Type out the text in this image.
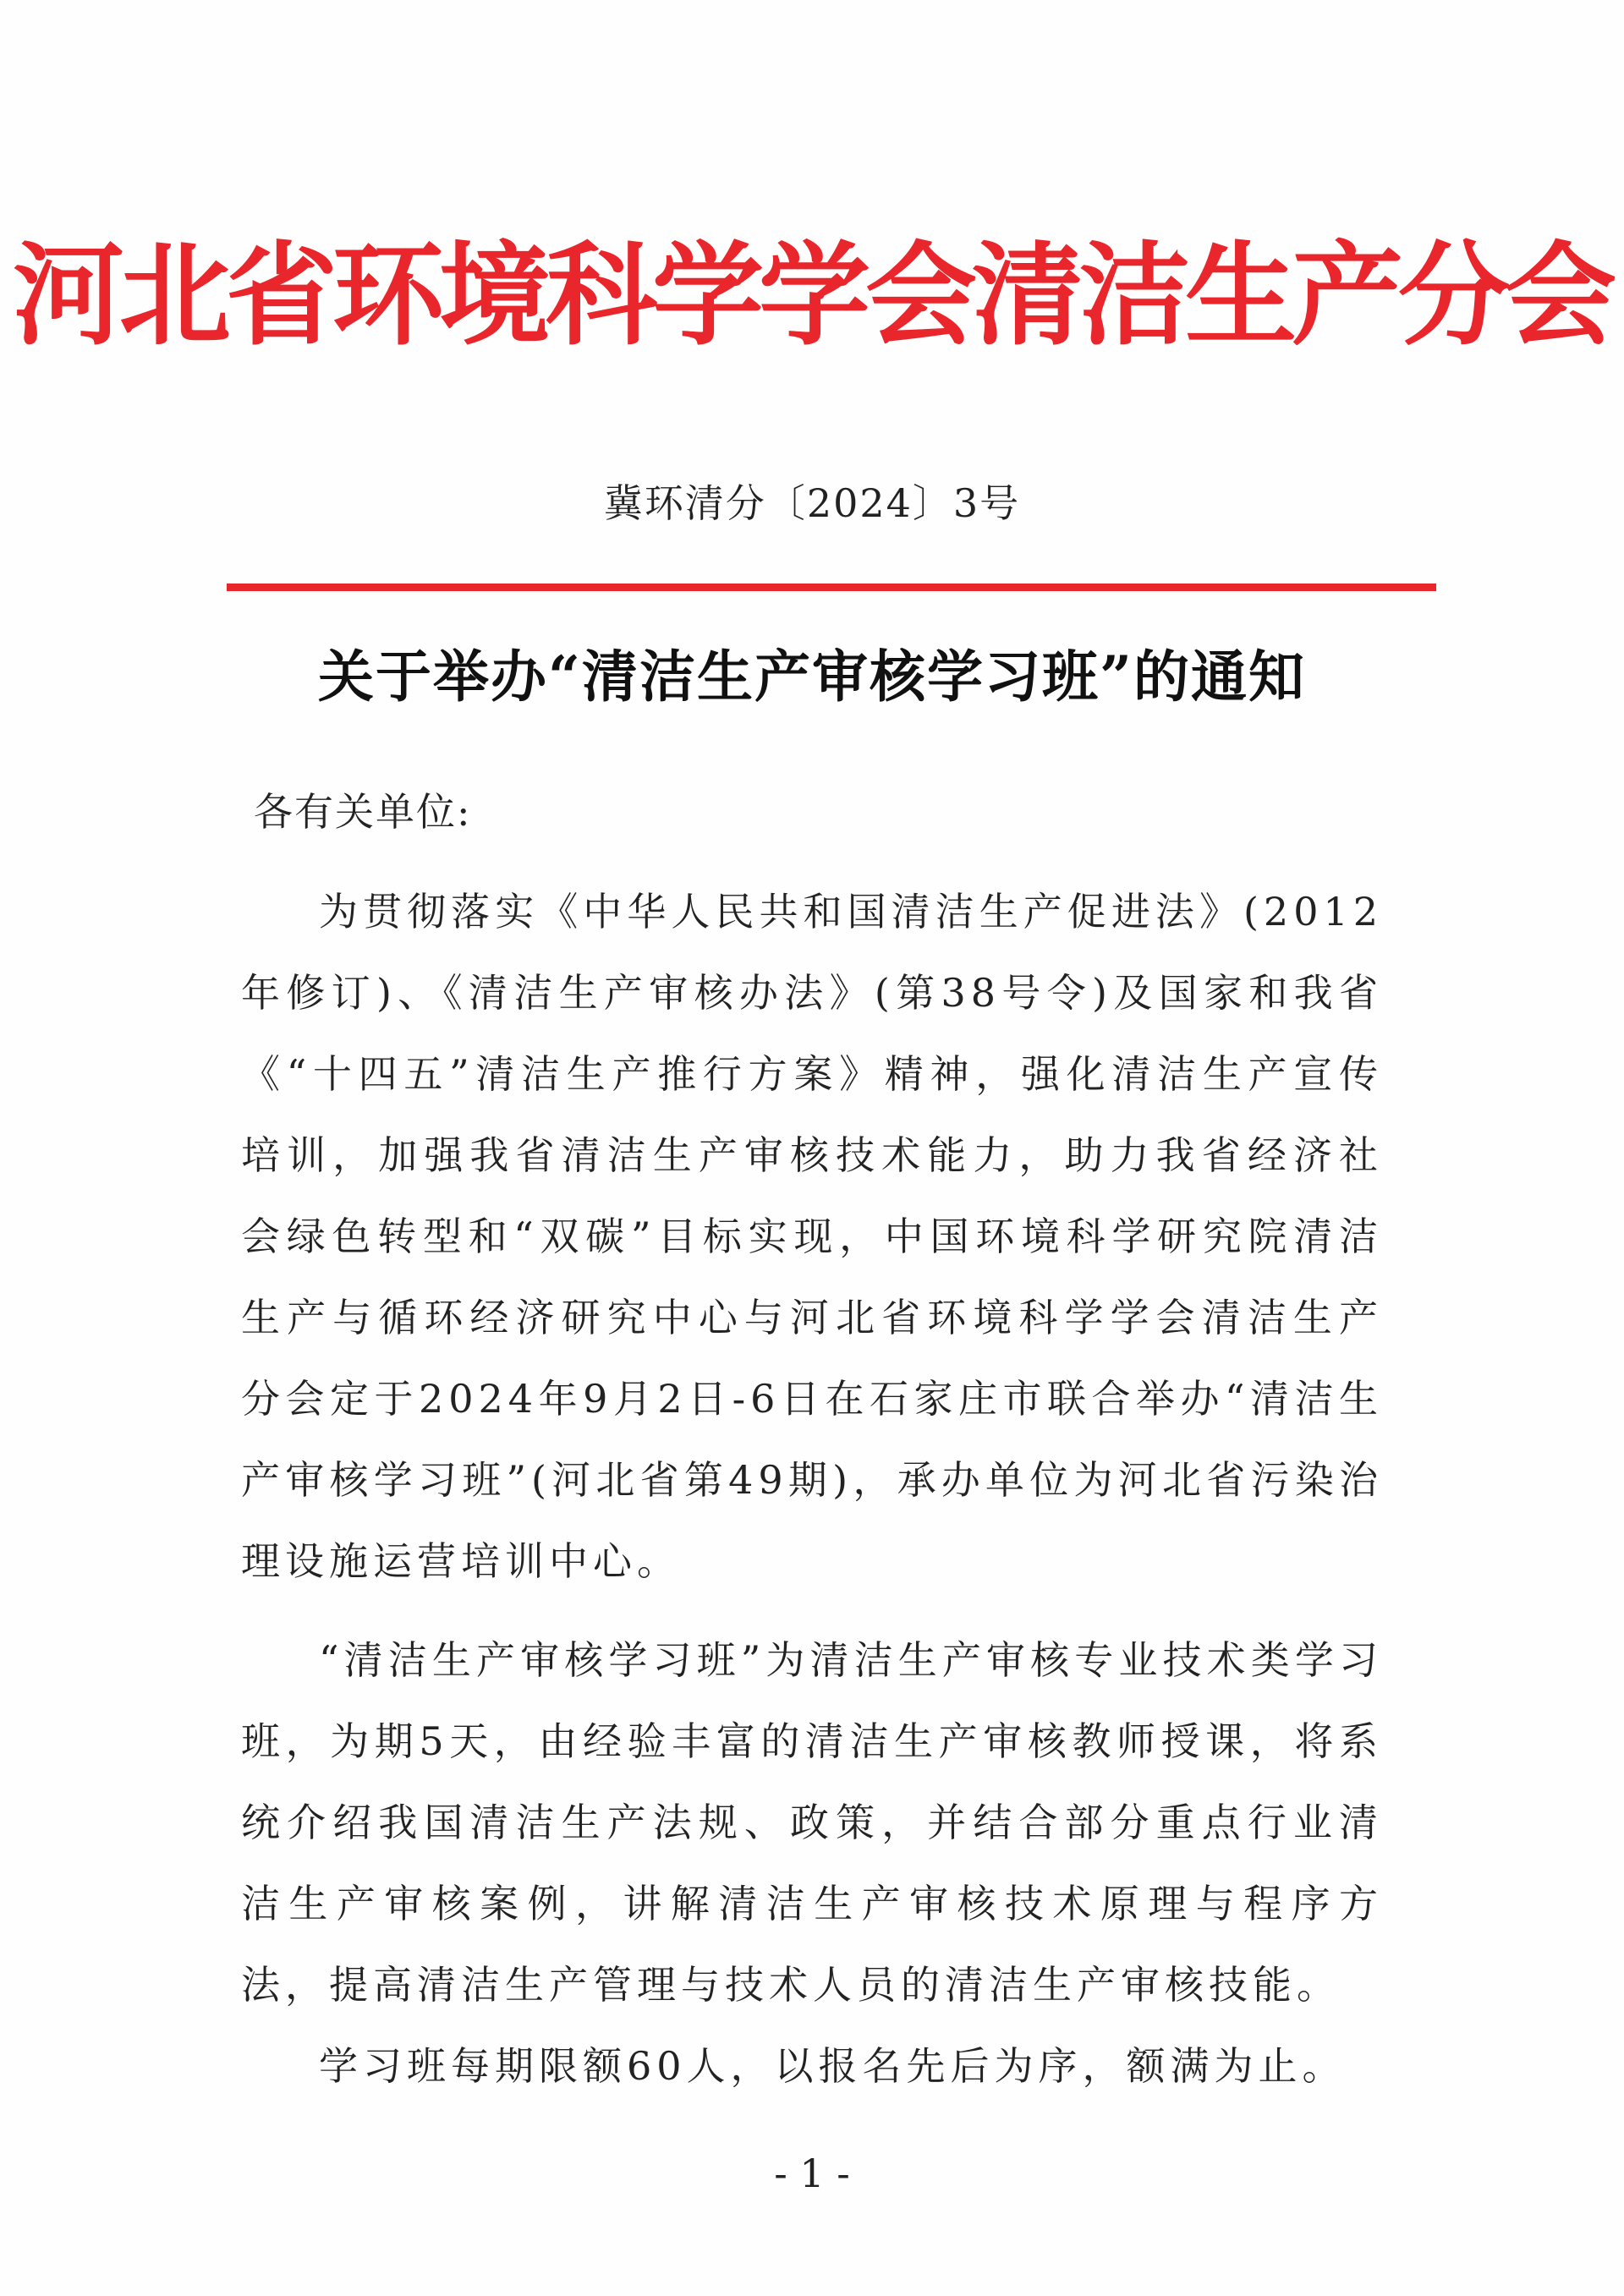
河北省环境科学学会清洁生产分会
冀环清分〔2024〕3号
关于举办“清洁生产审核学习班”的通知
各有关单位:

为贯彻落实《中华人民共和国清洁生产促进法》(2012年修订)、《清洁生产审核办法》(第38号令)及国家和我省《“十四五”清洁生产推行方案》精神，强化清洁生产宣传培训，加强我省清洁生产审核技术能力，助力我省经济社会绿色转型和“双碳”目标实现，中国环境科学研究院清洁生产与循环经济研究中心与河北省环境科学学会清洁生产分会定于2024年9月2日-6日在石家庄市联合举办“清洁生产审核学习班”(河北省第49期)，承办单位为河北省污染治理设施运营培训中心。

“清洁生产审核学习班”为清洁生产审核专业技术类学习班，为期5天，由经验丰富的清洁生产审核教师授课，将系统介绍我国清洁生产法规、政策，并结合部分重点行业清洁生产审核案例，讲解清洁生产审核技术原理与程序方法，提高清洁生产管理与技术人员的清洁生产审核技能。

学习班每期限额60人，以报名先后为序，额满为止。

- 1 -
